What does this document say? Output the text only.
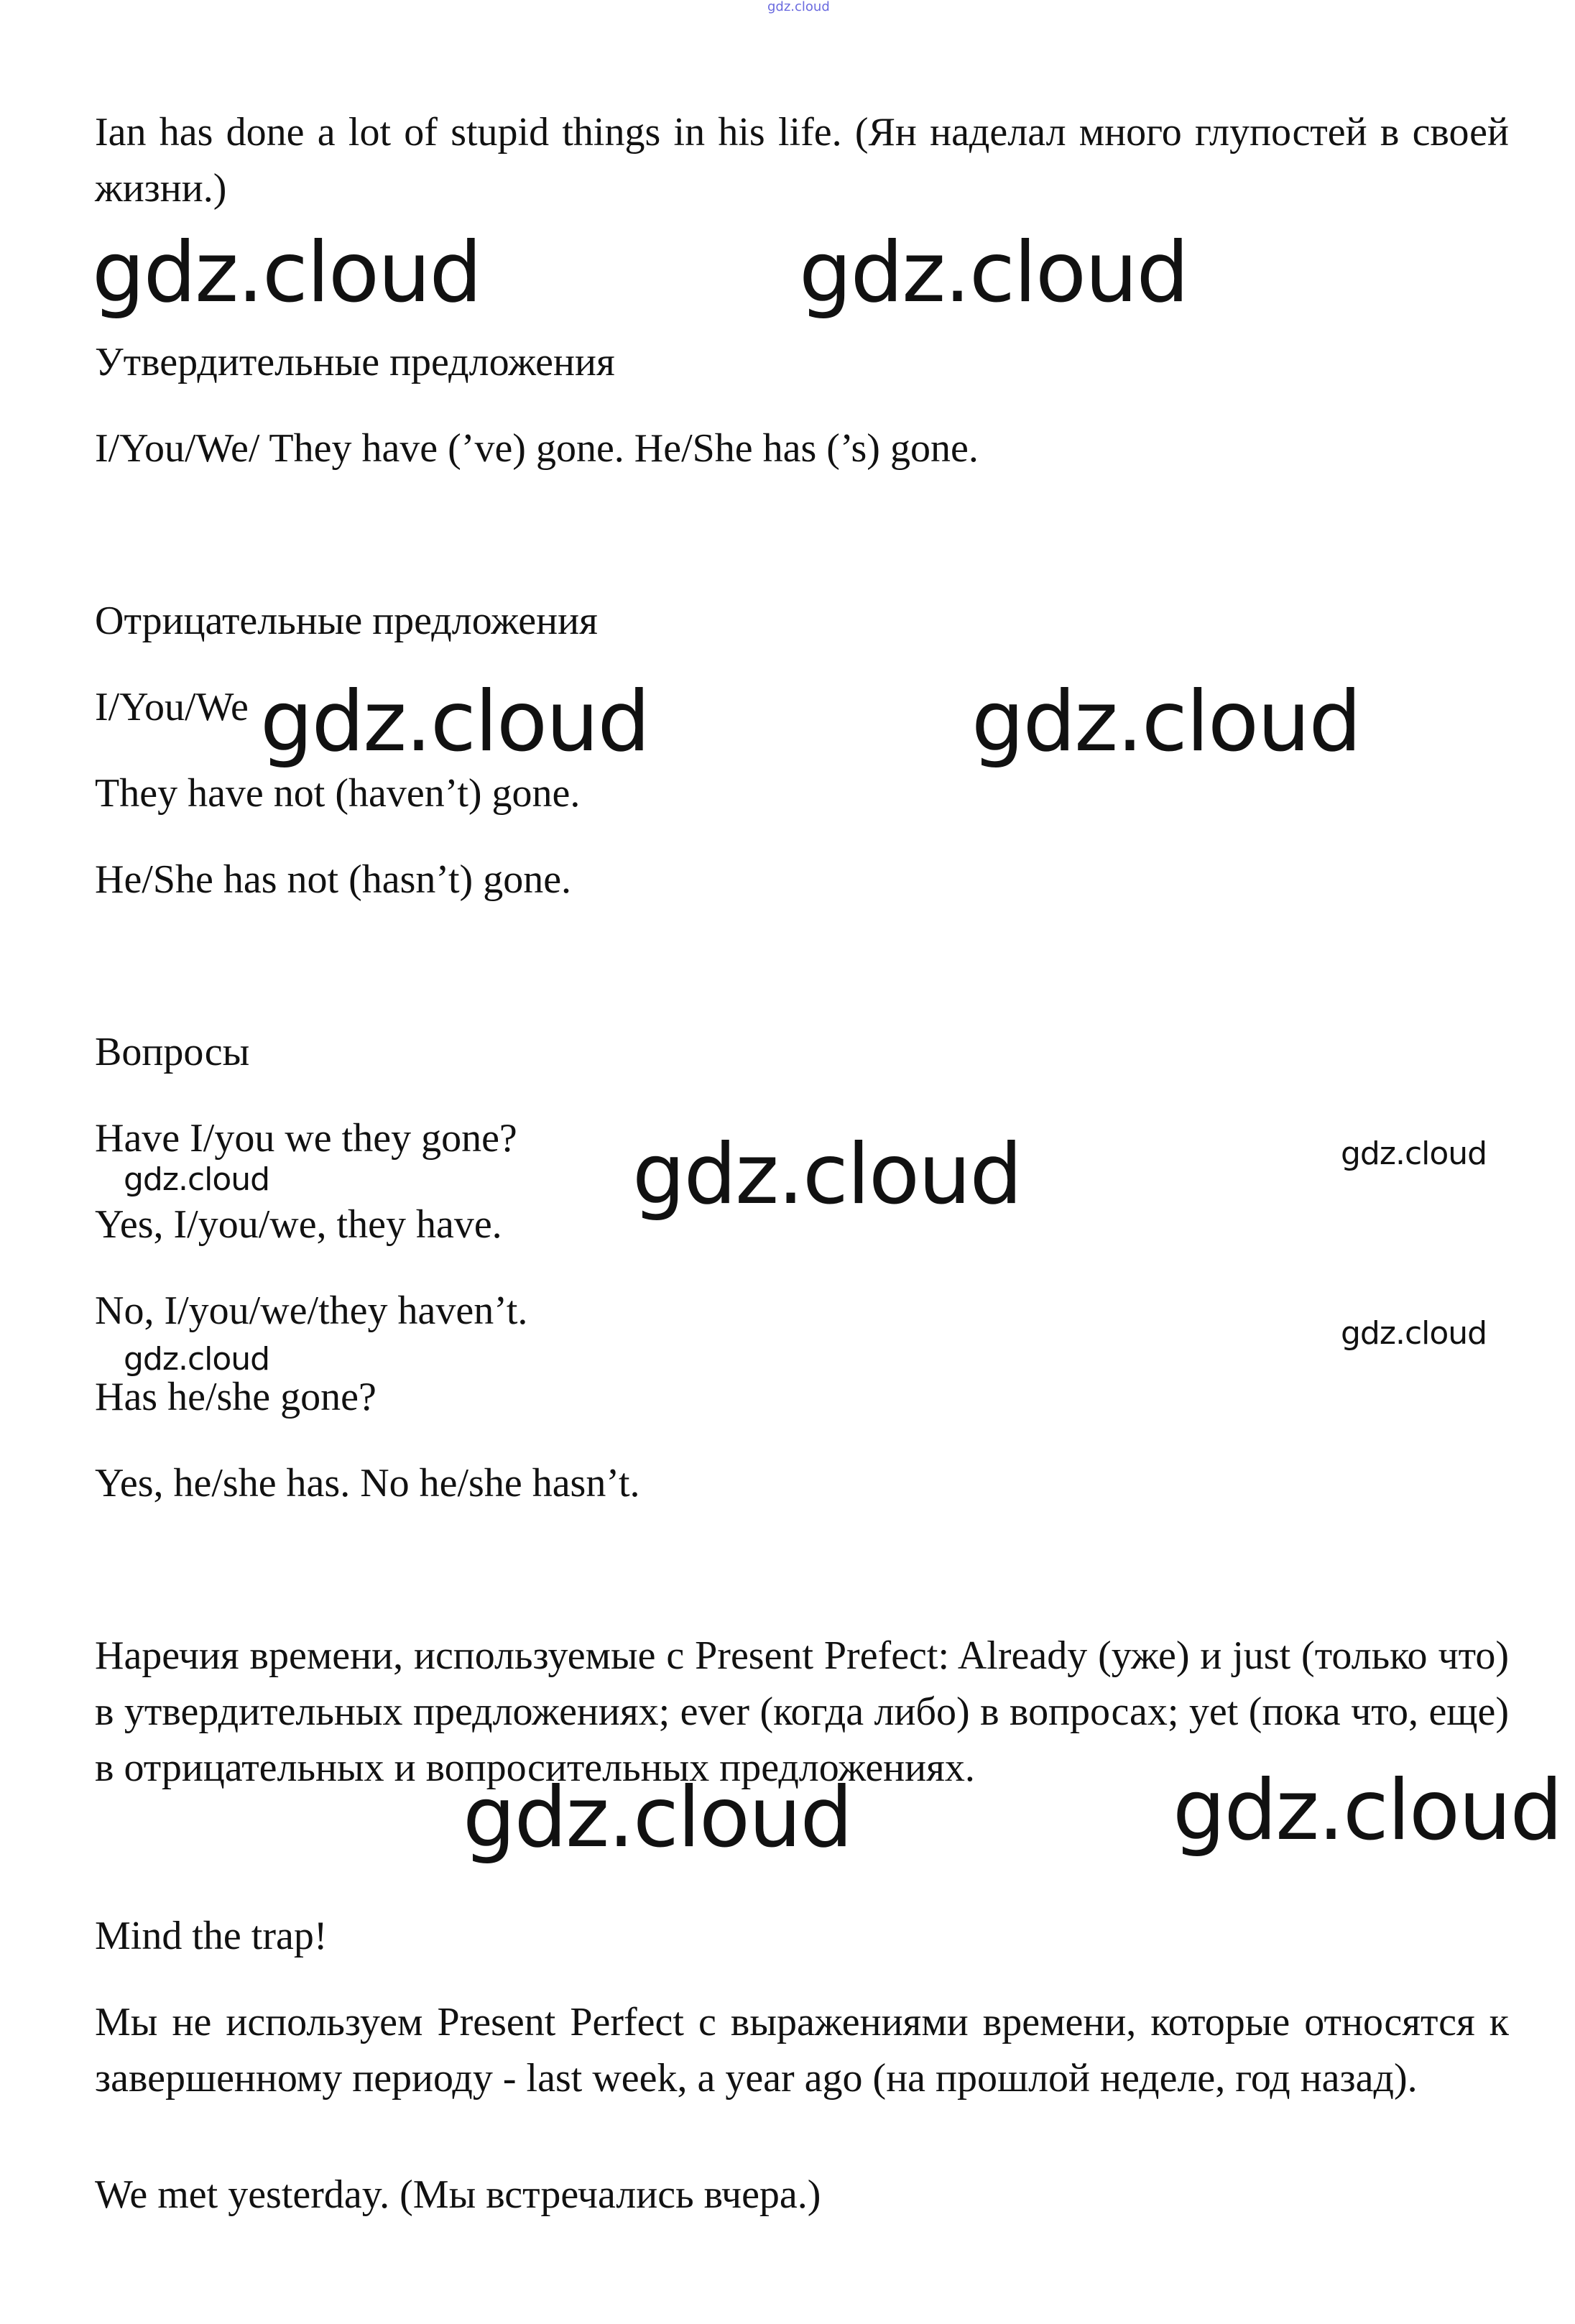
gdz.cloud

Ian has done a lot of stupid things in his life. (Ян наделал много глупостей в своей жизни.)

gdz.cloud	gdz.cloud

Утвердительные предложения

I/You/We/ They have (’ve) gone. He/She has (’s) gone.

Отрицательные предложения

I/You/We gdz.cloud	gdz.cloud

They have not (haven’t) gone.

He/She has not (hasn’t) gone.

Вопросы

Have I/you we they gone?

gdz.cloud	gdz.cloud	gdz.cloud

Yes, I/you/we, they have.

No, I/you/we/they haven’t.

gdz.cloud
gdz.cloud

Has he/she gone?

Yes, he/she has. No he/she hasn’t.

Наречия времени, используемые с Present Prefect: Already (уже) и just (только что) в утвердительных предложениях; ever (когда либо) в вопросах; yet (пока что, еще) в отрицательных и вопросительных предложениях.

gdz.cloud	gdz.cloud

Mind the trap!

Мы не используем Present Perfect с выражениями времени, которые относятся к завершенному периоду - last week, a year ago (на прошлой неделе, год назад).

We met yesterday. (Мы встречались вчера.)
